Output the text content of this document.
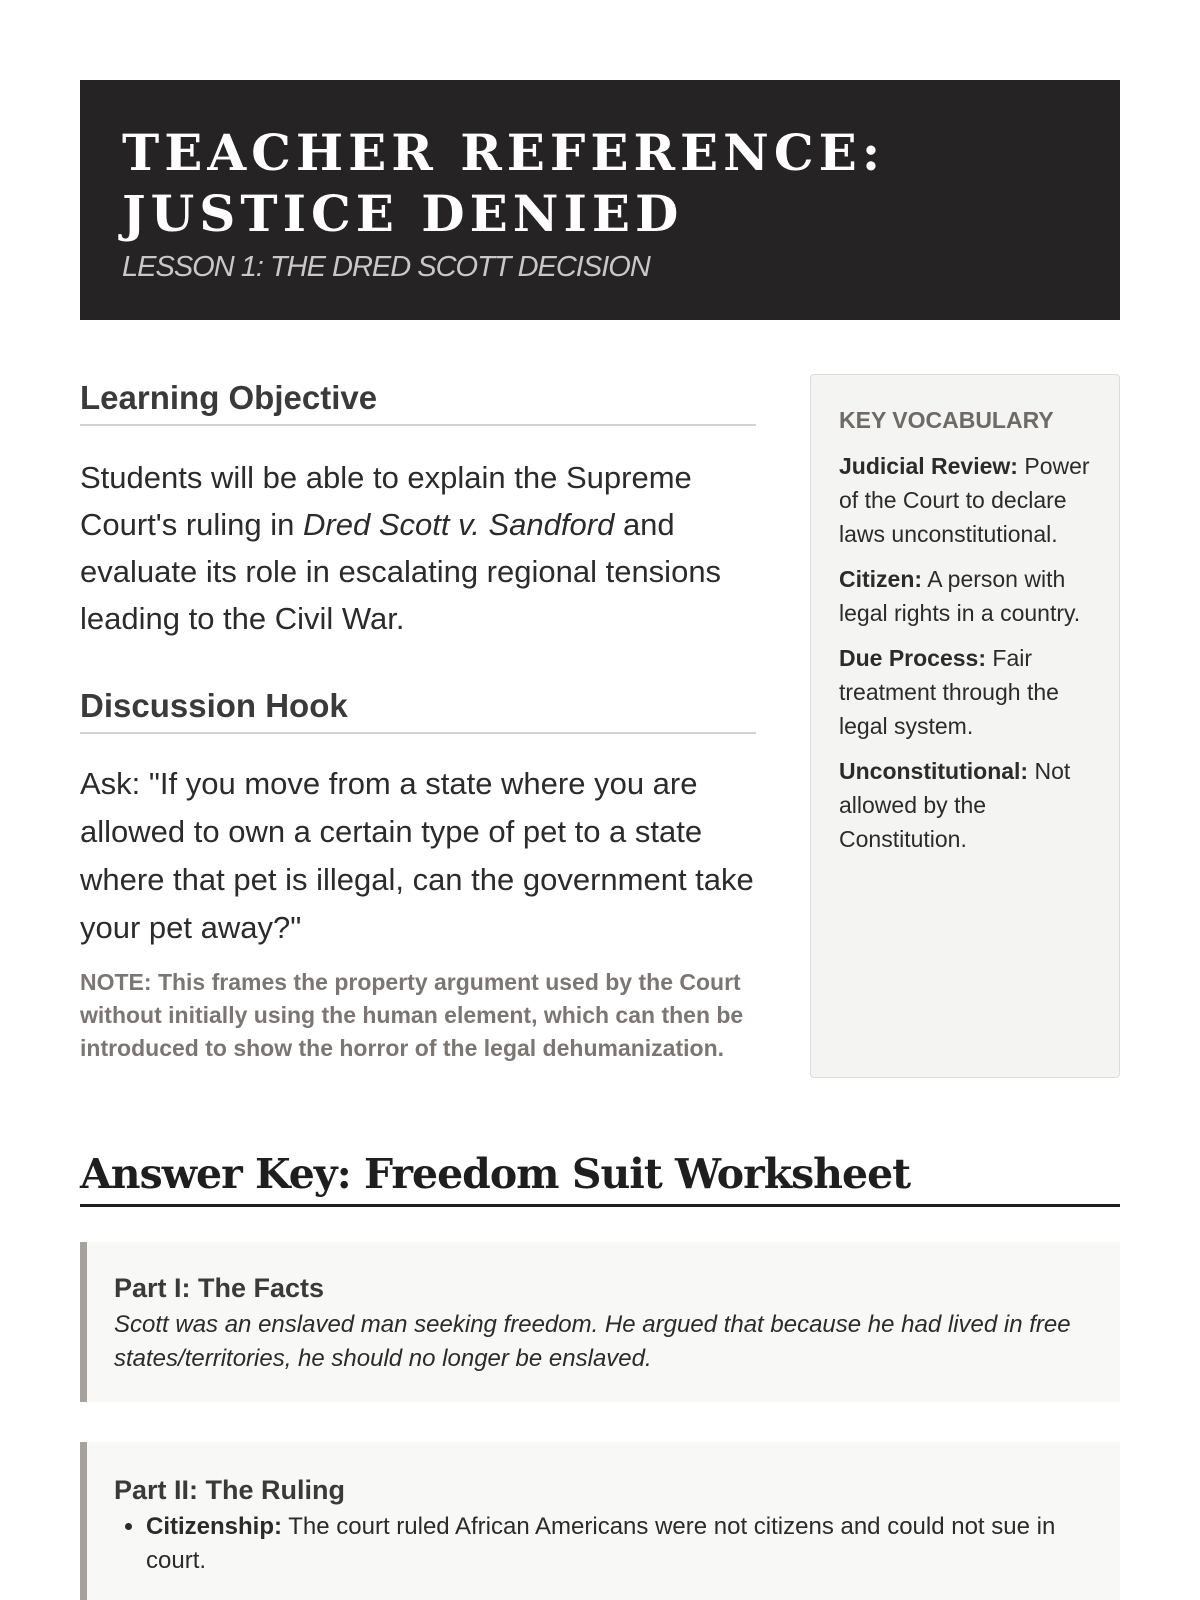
TEACHER REFERENCE: JUSTICE DENIED
LESSON 1: THE DRED SCOTT DECISION
Learning Objective

Students will be able to explain the Supreme Court's ruling in Dred Scott v. Sandford and evaluate its role in escalating regional tensions leading to the Civil War.

Discussion Hook

Ask: "If you move from a state where you are allowed to own a certain type of pet to a state where that pet is illegal, can the government take your pet away?"

NOTE: This frames the property argument used by the Court without initially using the human element, which can then be introduced to show the horror of the legal dehumanization.

KEY VOCABULARY
Judicial Review: Power of the Court to declare laws unconstitutional.
Citizen: A person with legal rights in a country.
Due Process: Fair treatment through the legal system.
Unconstitutional: Not allowed by the Constitution.
Answer Key: Freedom Suit Worksheet
Part I: The Facts
Scott was an enslaved man seeking freedom. He argued that because he had lived in free states/territories, he should no longer be enslaved.
Part II: The Ruling
• Citizenship: The court ruled African Americans were not citizens and could not sue in court.
